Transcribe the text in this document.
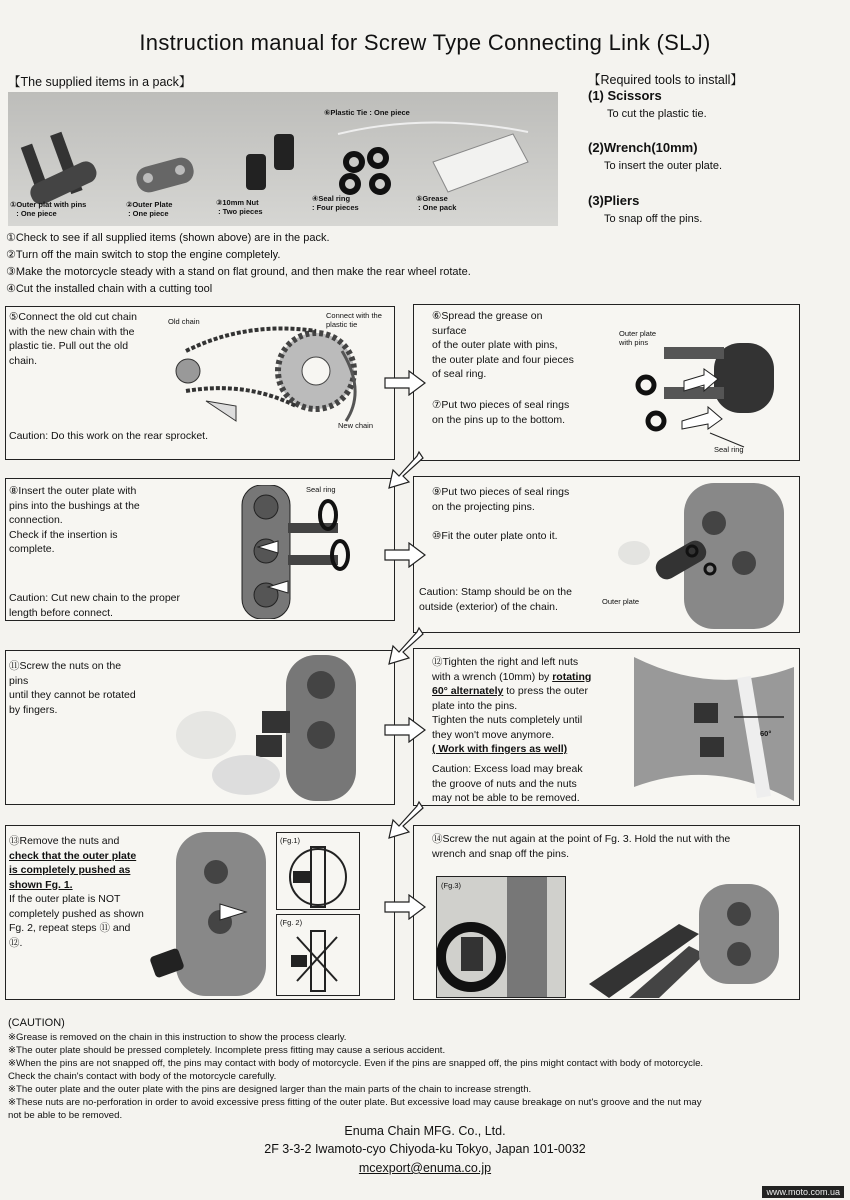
Instruction manual for Screw Type Connecting Link (SLJ)
【The supplied items in a pack】
⑥Plastic Tie : One piece
①Outer plat with pins
: One piece
②Outer Plate
: One piece
③10mm Nut
: Two pieces
④Seal ring
: Four pieces
⑤Grease
: One pack
【Required tools to install】
(1) Scissors
To cut the plastic tie.
(2)Wrench(10mm)
To insert the outer plate.
(3)Pliers
To snap off the pins.
①Check to see if all supplied items (shown above) are in the pack.
②Turn off the main switch to stop the engine completely.
③Make the motorcycle steady with a stand on flat ground, and then make the rear wheel rotate.
④Cut the installed chain with a cutting tool
⑤Connect the old cut chain
with the new chain with the
plastic tie. Pull out the old
chain.
Caution: Do this work on the rear sprocket.
Old chain
Connect with the
plastic tie
New chain
⑥Spread the grease on
surface
of the outer plate with pins,
the outer plate and four pieces
of seal ring.
⑦Put two pieces of seal rings
on the pins up to the bottom.
Outer plate
with pins
Seal ring
⑧Insert the outer plate with
pins into the bushings at the
connection.
Check if the insertion is
complete.
Caution: Cut new chain to the proper
length before connect.
Seal ring	⑨Put two pieces of seal rings
on the projecting pins.
⑩Fit the outer plate onto it.
Caution: Stamp should be on the
outside (exterior) of the chain.	Outer plate
⑪Screw the nuts on the
pins
until they cannot be rotated
by fingers.
⑫Tighten the right and left nuts
with a wrench (10mm) by rotating
60° alternately to press the outer
plate into the pins.
Tighten the nuts completely until
they won't move anymore.
( Work with fingers as well)
Caution: Excess load may break
the groove of nuts and the nuts
may not be able to be removed.
60°
⑬Remove the nuts and
check that the outer plate
is completely pushed as
shown Fg. 1.
If the outer plate is NOT
completely pushed as shown
Fg. 2, repeat steps ⑪ and
⑫.
(Fg.1)
(Fg. 2)
⑭Screw the nut again at the point of Fg. 3. Hold the nut with the
wrench and snap off the pins.
(Fg.3)
(CAUTION)
※Grease is removed on the chain in this instruction to show the process clearly.
※The outer plate should be pressed completely. Incomplete press fitting may cause a serious accident.
※When the pins are not snapped off, the pins may contact with body of motorcycle. Even if the pins are snapped off, the pins might contact with body of motorcycle.
Check the chain's contact with body of the motorcycle carefully.
※The outer plate and the outer plate with the pins are designed larger than the main parts of the chain to increase strength.
※These nuts are no-perforation in order to avoid excessive press fitting of the outer plate. But excessive load may cause breakage on nut's groove and the nut may
not be able to be removed.
Enuma Chain MFG. Co., Ltd.
2F 3-3-2 Iwamoto-cyo Chiyoda-ku Tokyo, Japan 101-0032
mcexport@enuma.co.jp
www.moto.com.ua
